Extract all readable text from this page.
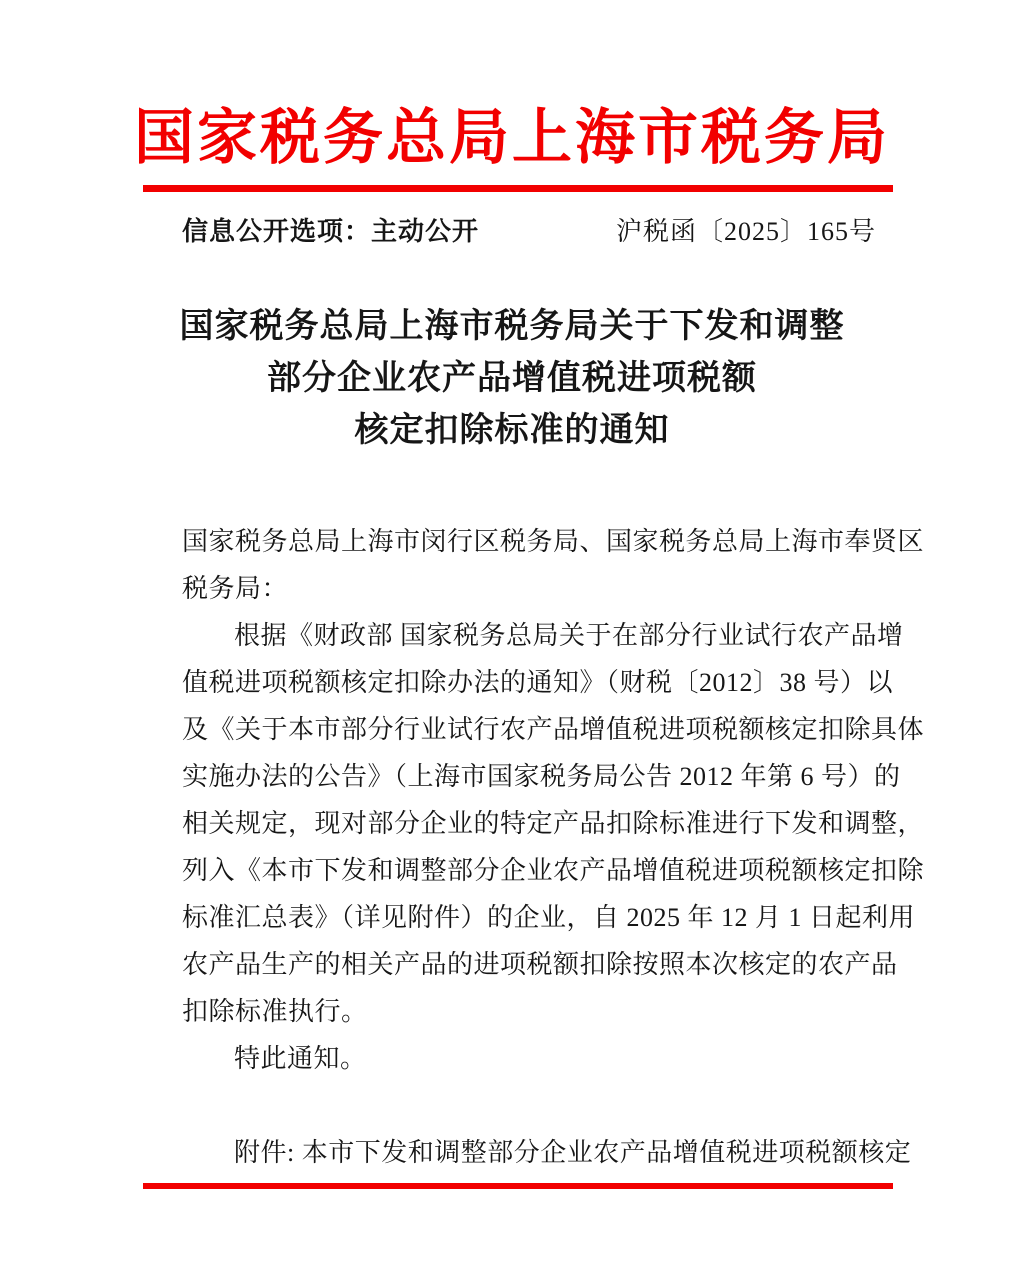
国家税务总局上海市税务局
信息公开选项：主动公开	沪税函〔2025〕165号
国家税务总局上海市税务局关于下发和调整
部分企业农产品增值税进项税额
核定扣除标准的通知
国家税务总局上海市闵行区税务局、国家税务总局上海市奉贤区
税务局：
根据《财政部 国家税务总局关于在部分行业试行农产品增
值税进项税额核定扣除办法的通知》（财税〔2012〕38 号）以
及《关于本市部分行业试行农产品增值税进项税额核定扣除具体
实施办法的公告》（上海市国家税务局公告 2012 年第 6 号）的
相关规定，现对部分企业的特定产品扣除标准进行下发和调整，
列入《本市下发和调整部分企业农产品增值税进项税额核定扣除
标准汇总表》（详见附件）的企业，自 2025 年 12 月 1 日起利用
农产品生产的相关产品的进项税额扣除按照本次核定的农产品
扣除标准执行。
特此通知。
附件: 本市下发和调整部分企业农产品增值税进项税额核定
